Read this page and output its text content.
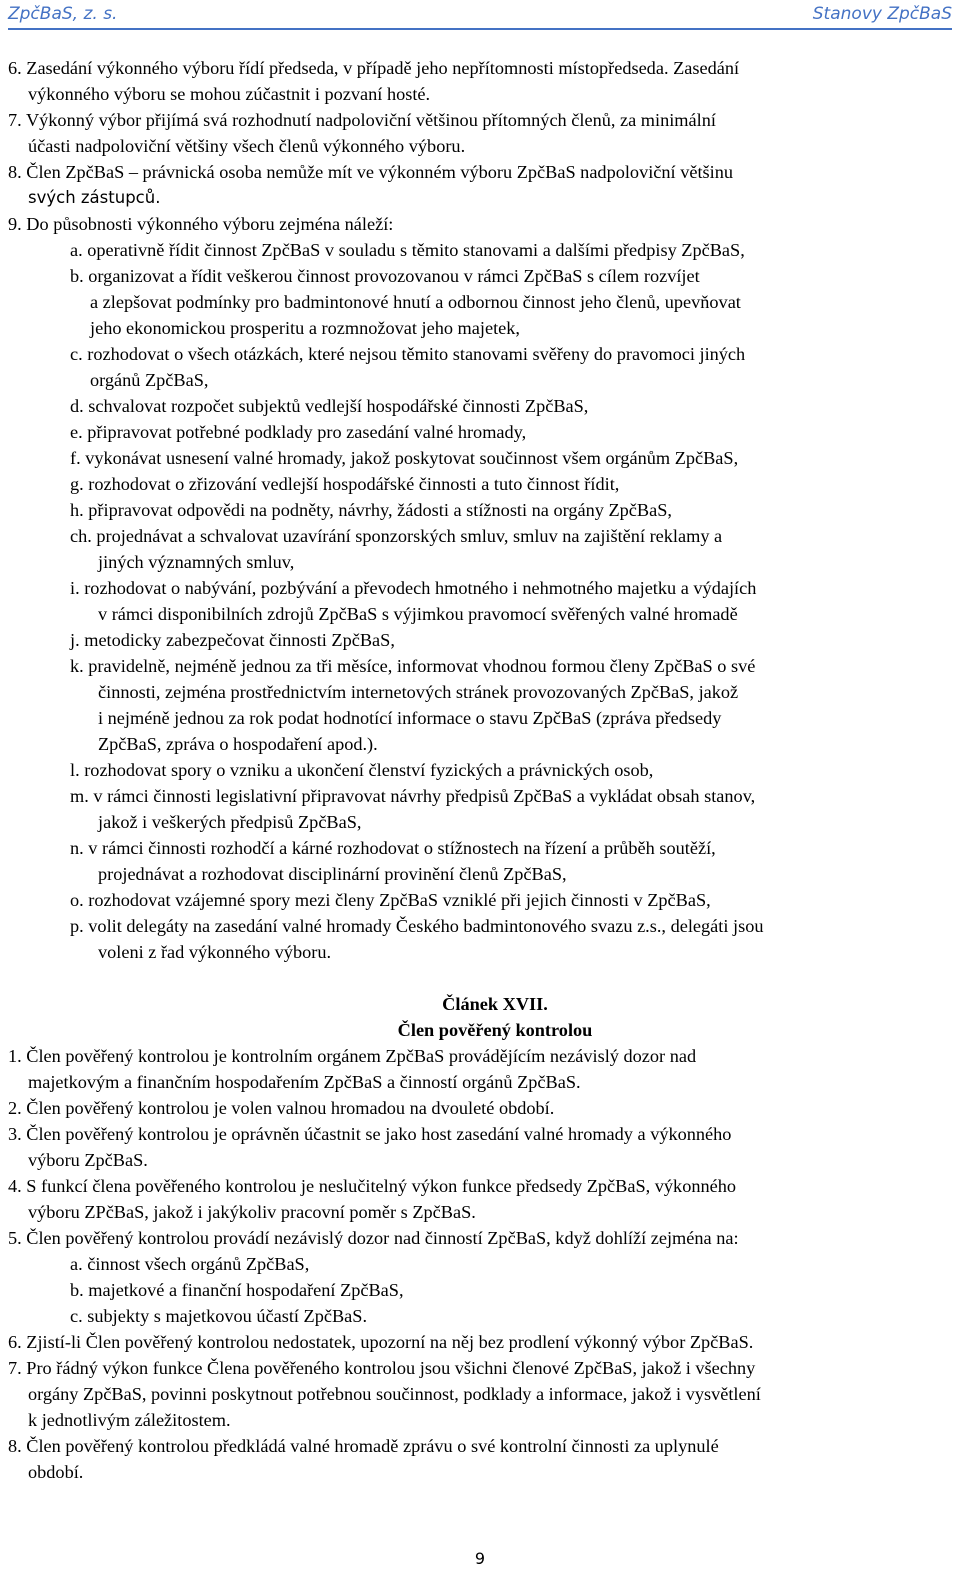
ZpčBaS, z. s.	Stanovy ZpčBaS
6. Zasedání výkonného výboru řídí předseda, v případě jeho nepřítomnosti místopředseda. Zasedání
výkonného výboru se mohou zúčastnit i pozvaní hosté.
7. Výkonný výbor přijímá svá rozhodnutí nadpoloviční většinou přítomných členů, za minimální
účasti nadpoloviční většiny všech členů výkonného výboru.
8. Člen ZpčBaS – právnická osoba nemůže mít ve výkonném výboru ZpčBaS nadpoloviční většinu
svých zástupců.
9. Do působnosti výkonného výboru zejména náleží:
a. operativně řídit činnost ZpčBaS v souladu s těmito stanovami a dalšími předpisy ZpčBaS,
b. organizovat a řídit veškerou činnost provozovanou v rámci ZpčBaS s cílem rozvíjet
a zlepšovat podmínky pro badmintonové hnutí a odbornou činnost jeho členů, upevňovat
jeho ekonomickou prosperitu a rozmnožovat jeho majetek,
c. rozhodovat o všech otázkách, které nejsou těmito stanovami svěřeny do pravomoci jiných
orgánů ZpčBaS,
d. schvalovat rozpočet subjektů vedlejší hospodářské činnosti ZpčBaS,
e. připravovat potřebné podklady pro zasedání valné hromady,
f. vykonávat usnesení valné hromady, jakož poskytovat součinnost všem orgánům ZpčBaS,
g. rozhodovat o zřizování vedlejší hospodářské činnosti a tuto činnost řídit,
h. připravovat odpovědi na podněty, návrhy, žádosti a stížnosti na orgány ZpčBaS,
ch. projednávat a schvalovat uzavírání sponzorských smluv, smluv na zajištění reklamy a
jiných významných smluv,
i. rozhodovat o nabývání, pozbývání a převodech hmotného i nehmotného majetku a výdajích
v rámci disponibilních zdrojů ZpčBaS s výjimkou pravomocí svěřených valné hromadě
j. metodicky zabezpečovat činnosti ZpčBaS,
k. pravidelně, nejméně jednou za tři měsíce, informovat vhodnou formou členy ZpčBaS o své
činnosti, zejména prostřednictvím internetových stránek provozovaných ZpčBaS, jakož
i nejméně jednou za rok podat hodnotící informace o stavu ZpčBaS (zpráva předsedy
ZpčBaS, zpráva o hospodaření apod.).
l. rozhodovat spory o vzniku a ukončení členství fyzických a právnických osob,
m. v rámci činnosti legislativní připravovat návrhy předpisů ZpčBaS a vykládat obsah stanov,
jakož i veškerých předpisů ZpčBaS,
n. v rámci činnosti rozhodčí a kárné rozhodovat o stížnostech na řízení a průběh soutěží,
projednávat a rozhodovat disciplinární provinění členů ZpčBaS,
o. rozhodovat vzájemné spory mezi členy ZpčBaS vzniklé při jejich činnosti v ZpčBaS,
p. volit delegáty na zasedání valné hromady Českého badmintonového svazu z.s., delegáti jsou
voleni z řad výkonného výboru.
Článek XVII.
Člen pověřený kontrolou
1. Člen pověřený kontrolou je kontrolním orgánem ZpčBaS provádějícím nezávislý dozor nad
majetkovým a finančním hospodařením ZpčBaS a činností orgánů ZpčBaS.
2. Člen pověřený kontrolou je volen valnou hromadou na dvouleté období.
3. Člen pověřený kontrolou je oprávněn účastnit se jako host zasedání valné hromady a výkonného
výboru ZpčBaS.
4. S funkcí člena pověřeného kontrolou je neslučitelný výkon funkce předsedy ZpčBaS, výkonného
výboru ZPčBaS, jakož i jakýkoliv pracovní poměr s ZpčBaS.
5. Člen pověřený kontrolou provádí nezávislý dozor nad činností ZpčBaS, když dohlíží zejména na:
a. činnost všech orgánů ZpčBaS,
b. majetkové a finanční hospodaření ZpčBaS,
c. subjekty s majetkovou účastí ZpčBaS.
6. Zjistí-li Člen pověřený kontrolou nedostatek, upozorní na něj bez prodlení výkonný výbor ZpčBaS.
7. Pro řádný výkon funkce Člena pověřeného kontrolou jsou všichni členové ZpčBaS, jakož i všechny
orgány ZpčBaS, povinni poskytnout potřebnou součinnost, podklady a informace, jakož i vysvětlení
k jednotlivým záležitostem.
8. Člen pověřený kontrolou předkládá valné hromadě zprávu o své kontrolní činnosti za uplynulé
období.
9
